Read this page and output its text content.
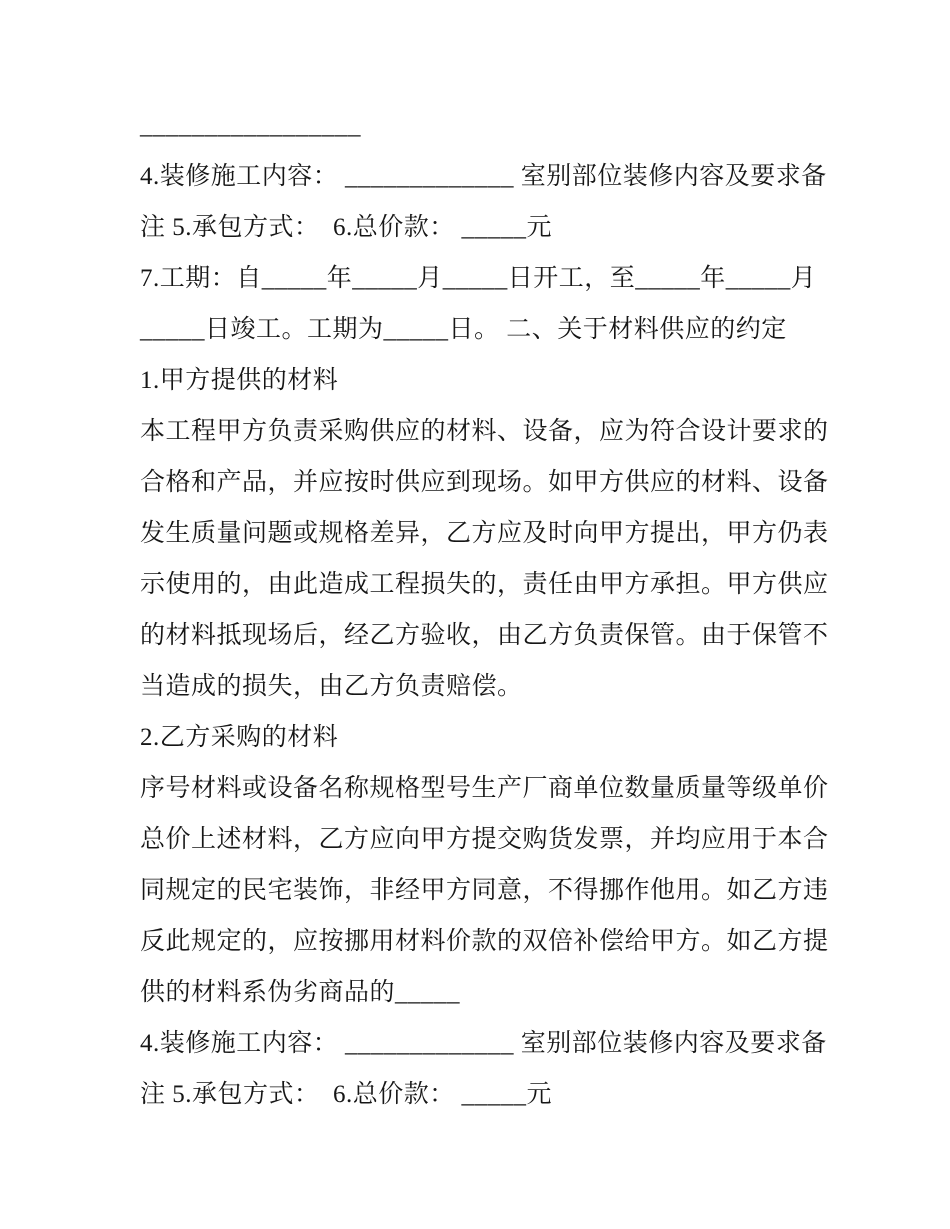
_________________

4.装修施工内容： _____________ 室别部位装修内容及要求备

注 5.承包方式：  6.总价款： _____元

7.工期：自_____年_____月_____日开工，至_____年_____月

_____日竣工。工期为_____日。 二、关于材料供应的约定

1.甲方提供的材料

本工程甲方负责采购供应的材料、设备，应为符合设计要求的

合格和产品，并应按时供应到现场。如甲方供应的材料、设备

发生质量问题或规格差异，乙方应及时向甲方提出，甲方仍表

示使用的，由此造成工程损失的，责任由甲方承担。甲方供应

的材料抵现场后，经乙方验收，由乙方负责保管。由于保管不

当造成的损失，由乙方负责赔偿。

2.乙方采购的材料

序号材料或设备名称规格型号生产厂商单位数量质量等级单价

总价上述材料，乙方应向甲方提交购货发票，并均应用于本合

同规定的民宅装饰，非经甲方同意，不得挪作他用。如乙方违

反此规定的，应按挪用材料价款的双倍补偿给甲方。如乙方提

供的材料系伪劣商品的_____

4.装修施工内容： _____________ 室别部位装修内容及要求备

注 5.承包方式：  6.总价款： _____元
